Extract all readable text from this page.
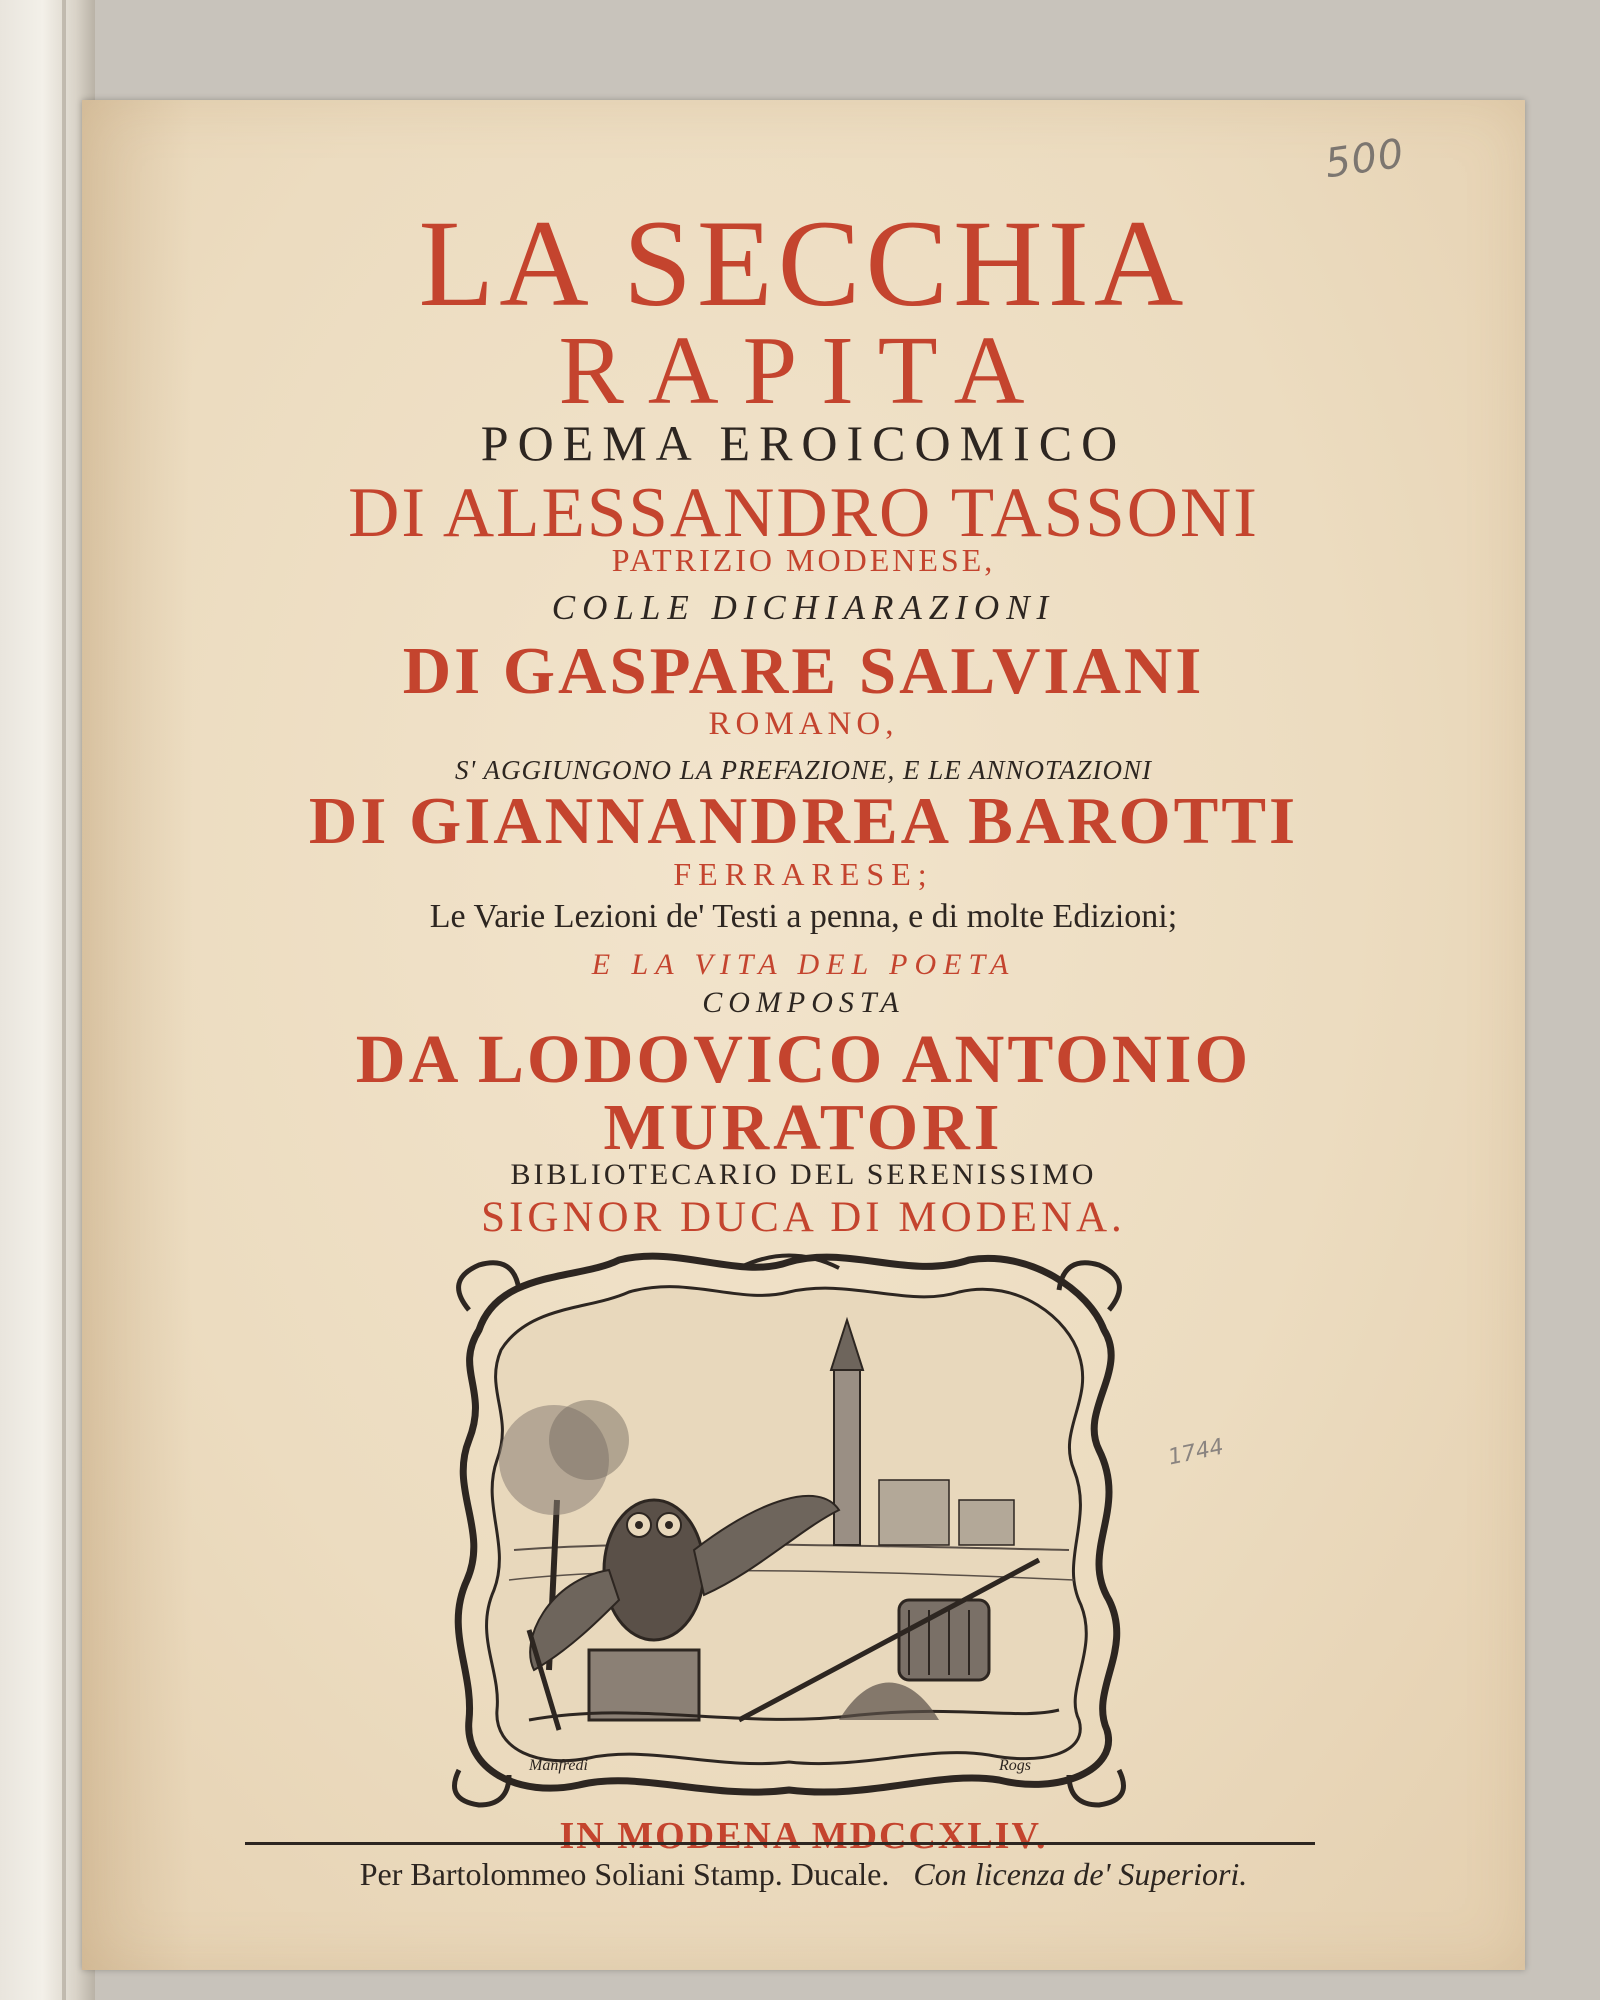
500
LA SECCHIA
RAPITA
POEMA EROICOMICO
DI ALESSANDRO TASSONI
PATRIZIO MODENESE,
COLLE DICHIARAZIONI
DI GASPARE SALVIANI
ROMANO,
S' AGGIUNGONO LA PREFAZIONE, E LE ANNOTAZIONI
DI GIANNANDREA BAROTTI
FERRARESE;
Le Varie Lezioni de' Testi a penna, e di molte Edizioni;
E LA VITA DEL POETA
COMPOSTA
DA LODOVICO ANTONIO
MURATORI
BIBLIOTECARIO DEL SERENISSIMO
SIGNOR DUCA DI MODENA.
Manfredi	Rogs
1744
IN MODENA MDCCXLIV.
Per Bartolommeo Soliani Stamp. Ducale. Con licenza de' Superiori.
